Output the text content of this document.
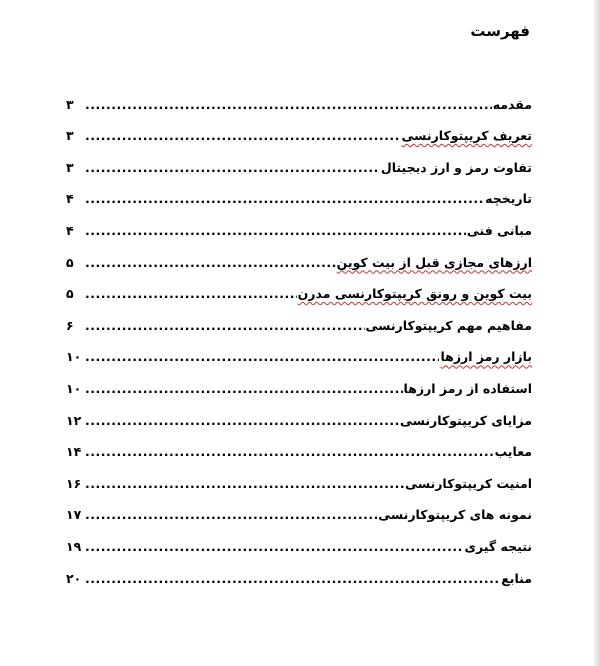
فهرست
مقدمه
.....
۳
تعریف کریپتوکارنسی
.....
۳
تفاوت رمز و ارز دیجیتال
.....
۳
تاریخچه
.....
۴
مبانی فنی
.....
۴
ارزهای مجازی قبل از بیت کوین
.....
۵
بیت کوین و رونق کریپتوکارنسی مدرن
.....
۵
مفاهیم مهم کریپتوکارنسی
.....
۶
بازار رمز ارزها
.....
۱۰
استفاده از رمز ارزها
.....
۱۰
مزایای کریپتوکارنسی
.....
۱۲
معایب
.....
۱۴
امنیت کریپتوکارنسی
.....
۱۶
نمونه های کریپتوکارنسی
.....
۱۷
نتیجه گیری
.....
۱۹
منابع
.....
۲۰
